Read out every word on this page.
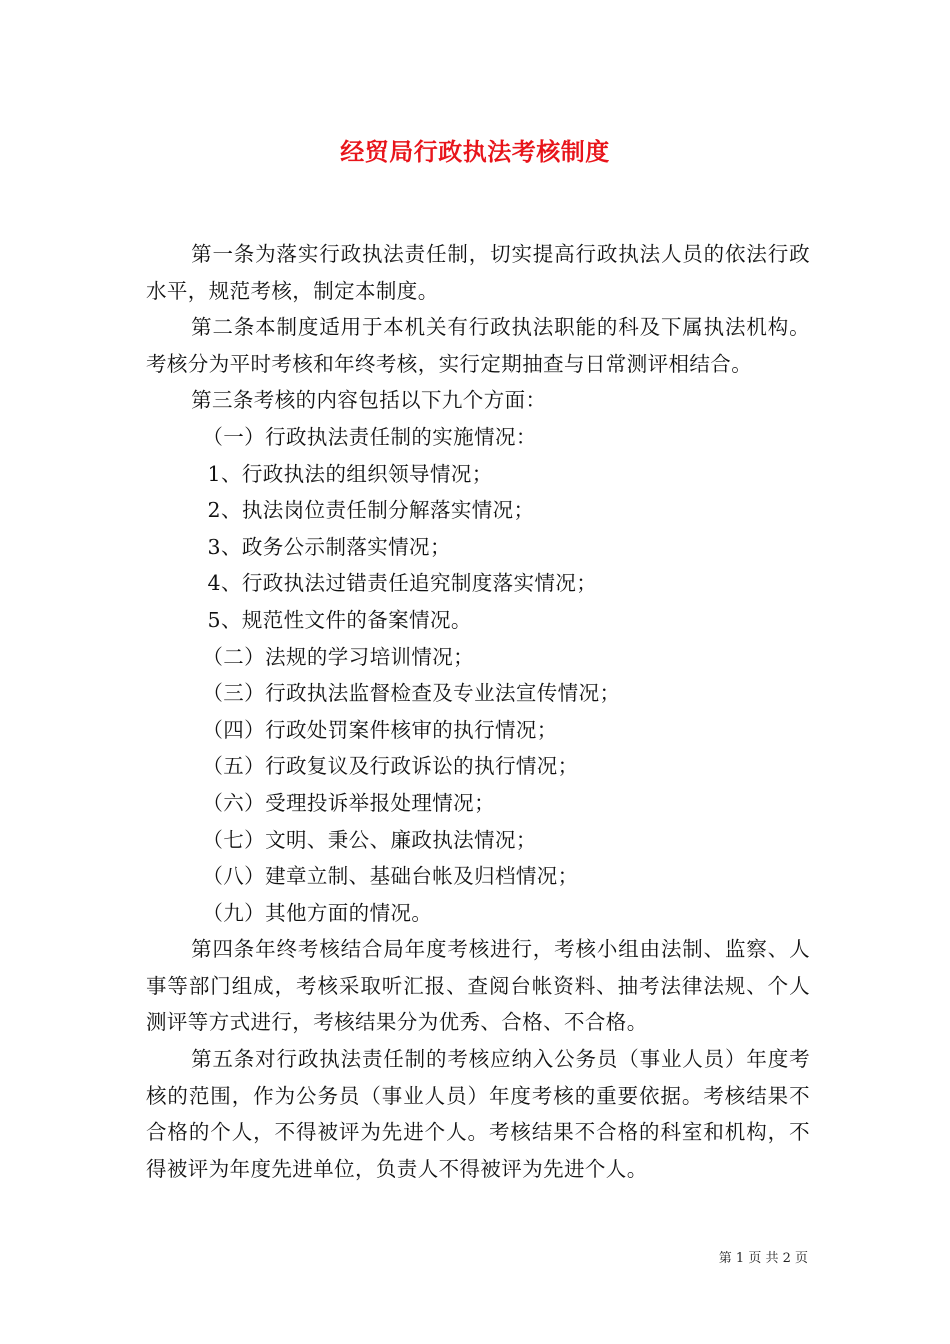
经贸局行政执法考核制度

第一条为落实行政执法责任制，切实提高行政执法人员的依法行政水平，规范考核，制定本制度。

第二条本制度适用于本机关有行政执法职能的科及下属执法机构。考核分为平时考核和年终考核，实行定期抽查与日常测评相结合。

第三条考核的内容包括以下九个方面：

（一）行政执法责任制的实施情况：

1、行政执法的组织领导情况；

2、执法岗位责任制分解落实情况；

3、政务公示制落实情况；

4、行政执法过错责任追究制度落实情况；

5、规范性文件的备案情况。

（二）法规的学习培训情况；

（三）行政执法监督检查及专业法宣传情况；

（四）行政处罚案件核审的执行情况；

（五）行政复议及行政诉讼的执行情况；

（六）受理投诉举报处理情况；

（七）文明、秉公、廉政执法情况；

（八）建章立制、基础台帐及归档情况；

（九）其他方面的情况。

第四条年终考核结合局年度考核进行，考核小组由法制、监察、人事等部门组成，考核采取听汇报、查阅台帐资料、抽考法律法规、个人测评等方式进行，考核结果分为优秀、合格、不合格。

第五条对行政执法责任制的考核应纳入公务员（事业人员）年度考核的范围，作为公务员（事业人员）年度考核的重要依据。考核结果不合格的个人，不得被评为先进个人。考核结果不合格的科室和机构，不得被评为年度先进单位，负责人不得被评为先进个人。

第 1 页 共 2 页
